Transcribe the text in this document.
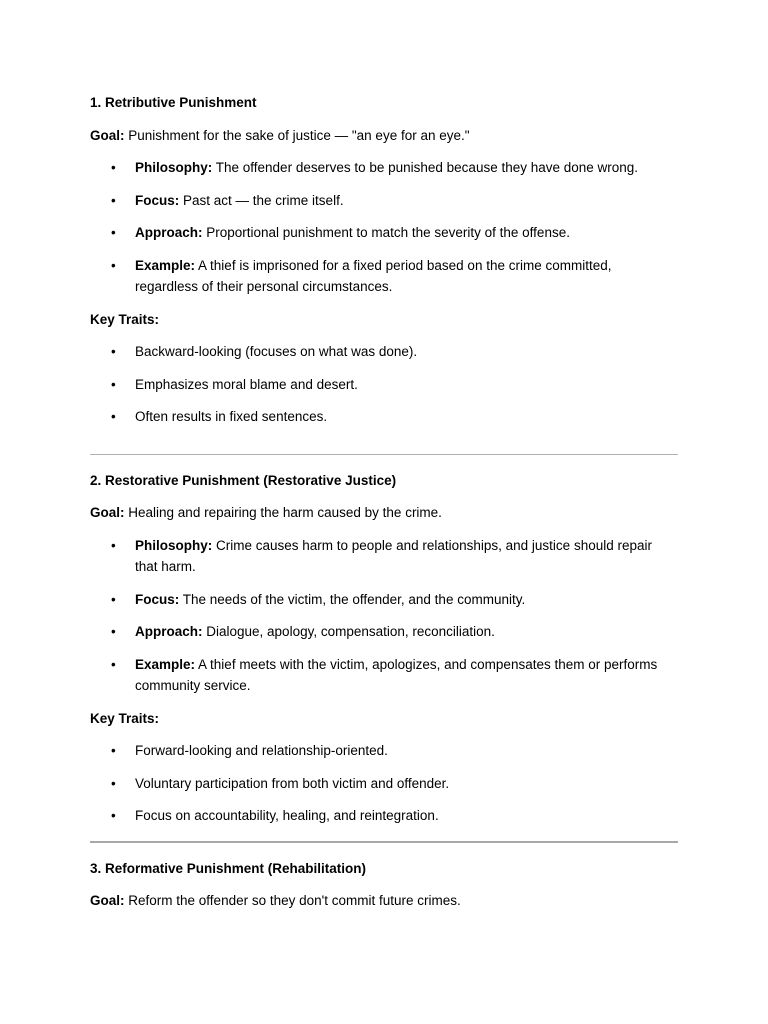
1. Retributive Punishment
Goal: Punishment for the sake of justice — "an eye for an eye."
• Philosophy: The offender deserves to be punished because they have done wrong.
• Focus: Past act — the crime itself.
• Approach: Proportional punishment to match the severity of the offense.
• Example: A thief is imprisoned for a fixed period based on the crime committed, regardless of their personal circumstances.
Key Traits:
• Backward-looking (focuses on what was done).
• Emphasizes moral blame and desert.
• Often results in fixed sentences.
2. Restorative Punishment (Restorative Justice)
Goal: Healing and repairing the harm caused by the crime.
• Philosophy: Crime causes harm to people and relationships, and justice should repair that harm.
• Focus: The needs of the victim, the offender, and the community.
• Approach: Dialogue, apology, compensation, reconciliation.
• Example: A thief meets with the victim, apologizes, and compensates them or performs community service.
Key Traits:
• Forward-looking and relationship-oriented.
• Voluntary participation from both victim and offender.
• Focus on accountability, healing, and reintegration.
3. Reformative Punishment (Rehabilitation)
Goal: Reform the offender so they don't commit future crimes.
